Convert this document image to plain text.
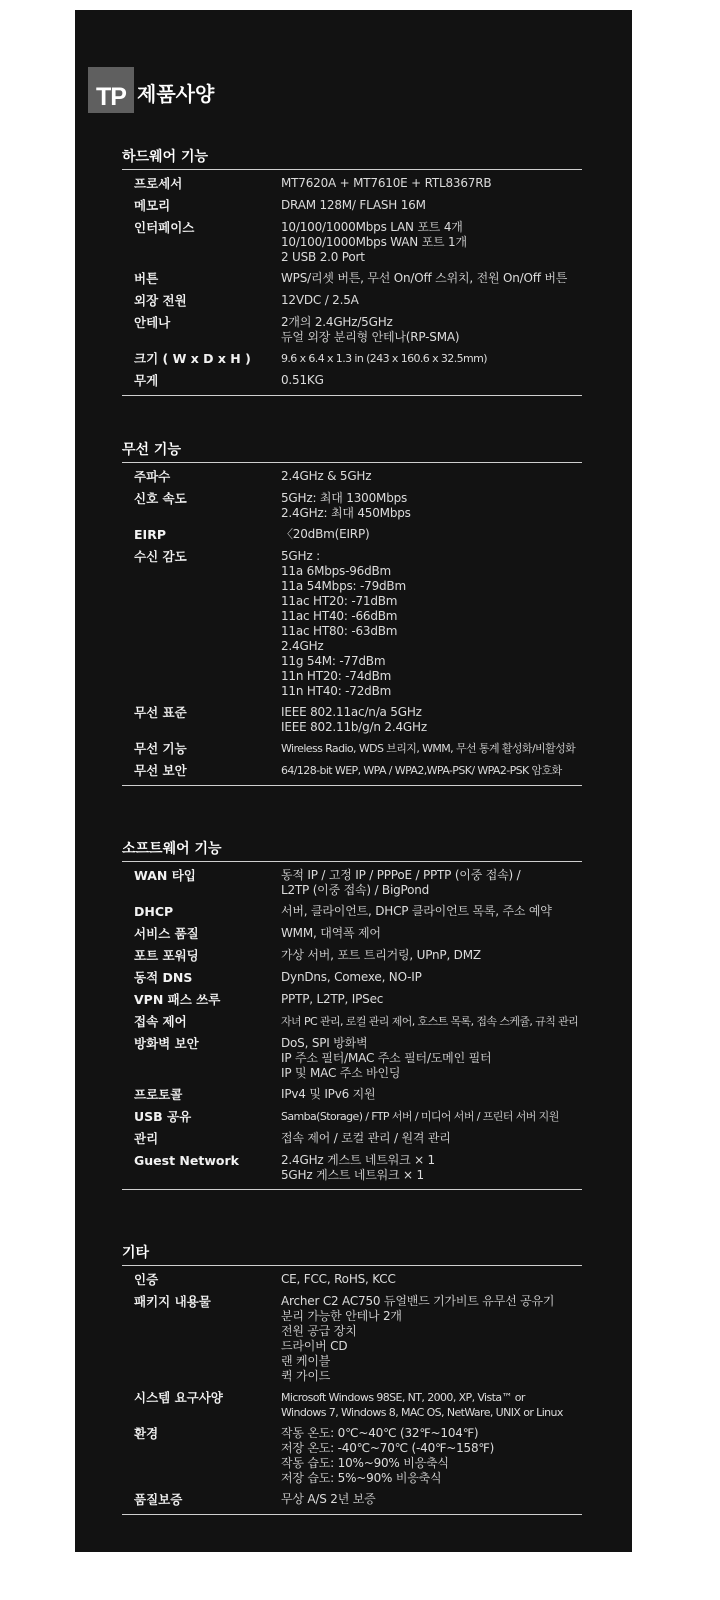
TP 제품사양
하드웨어 기능
프로세서	MT7620A + MT7610E + RTL8367RB
메모리	DRAM 128M/ FLASH 16M
인터페이스	10/100/1000Mbps LAN 포트 4개
10/100/1000Mbps WAN 포트 1개
2 USB 2.0 Port
버튼	WPS/리셋 버튼, 무선 On/Off 스위치, 전원 On/Off 버튼
외장 전원	12VDC / 2.5A
안테나	2개의 2.4GHz/5GHz
듀얼 외장 분리형 안테나(RP-SMA)
크기 ( W x D x H )	9.6 x 6.4 x 1.3 in (243 x 160.6 x 32.5mm)
무게	0.51KG
무선 기능
주파수	2.4GHz & 5GHz
신호 속도	5GHz: 최대 1300Mbps
2.4GHz: 최대 450Mbps
EIRP	〈20dBm(EIRP)
수신 감도	5GHz :
11a 6Mbps-96dBm
11a 54Mbps: -79dBm
11ac HT20: -71dBm
11ac HT40: -66dBm
11ac HT80: -63dBm
2.4GHz
11g 54M: -77dBm
11n HT20: -74dBm
11n HT40: -72dBm
무선 표준	IEEE 802.11ac/n/a 5GHz
IEEE 802.11b/g/n 2.4GHz
무선 기능	Wireless Radio, WDS 브리지, WMM, 무선 통계 활성화/비활성화
무선 보안	64/128-bit WEP, WPA / WPA2,WPA-PSK/ WPA2-PSK 암호화
소프트웨어 기능
WAN 타입	동적 IP / 고정 IP / PPPoE / PPTP (이중 접속) /
L2TP (이중 접속) / BigPond
DHCP	서버, 클라이언트, DHCP 클라이언트 목록, 주소 예약
서비스 품질	WMM, 대역폭 제어
포트 포워딩	가상 서버, 포트 트리거링, UPnP, DMZ
동적 DNS	DynDns, Comexe, NO-IP
VPN 패스 쓰루	PPTP, L2TP, IPSec
접속 제어	자녀 PC 관리, 로컬 관리 제어, 호스트 목록, 접속 스케쥴, 규칙 관리
방화벽 보안	DoS, SPI 방화벽
IP 주소 필터/MAC 주소 필터/도메인 필터
IP 및 MAC 주소 바인딩
프로토콜	IPv4 및 IPv6 지원
USB 공유	Samba(Storage) / FTP 서버 / 미디어 서버 / 프린터 서버 지원
관리	접속 제어 / 로컬 관리 / 원격 관리
Guest Network	2.4GHz 게스트 네트워크 × 1
5GHz 게스트 네트워크 × 1
기타
인증	CE, FCC, RoHS, KCC
패키지 내용물	Archer C2 AC750 듀얼밴드 기가비트 유무선 공유기
분리 가능한 안테나 2개
전원 공급 장치
드라이버 CD
랜 케이블
퀵 가이드
시스템 요구사양	Microsoft Windows 98SE, NT, 2000, XP, Vista™ or
Windows 7, Windows 8, MAC OS, NetWare, UNIX or Linux
환경	작동 온도: 0℃~40℃ (32℉~104℉)
저장 온도: -40℃~70℃ (-40℉~158℉)
작동 습도: 10%~90% 비응축식
저장 습도: 5%~90% 비응축식
품질보증	무상 A/S 2년 보증
